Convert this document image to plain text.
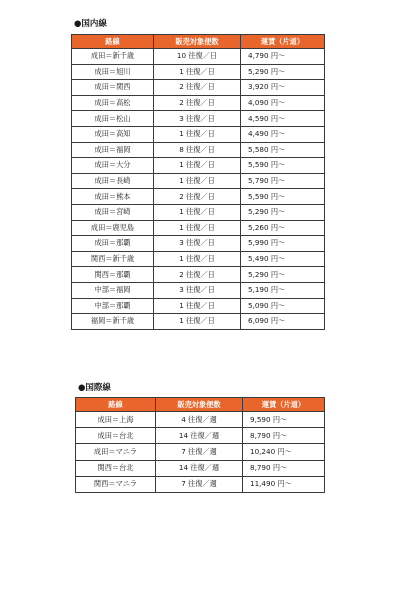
●国内線
路線	販売対象便数	運賃（片道）
成田＝新千歳	10 往復／日	4,790 円〜
成田＝旭川	1 往復／日	5,290 円〜
成田＝関西	2 往復／日	3,920 円〜
成田＝高松	2 往復／日	4,090 円〜
成田＝松山	3 往復／日	4,590 円〜
成田＝高知	1 往復／日	4,490 円〜
成田＝福岡	8 往復／日	5,580 円〜
成田＝大分	1 往復／日	5,590 円〜
成田＝長崎	1 往復／日	5,790 円〜
成田＝熊本	2 往復／日	5,590 円〜
成田＝宮崎	1 往復／日	5,290 円〜
成田＝鹿児島	1 往復／日	5,260 円〜
成田＝那覇	3 往復／日	5,990 円〜
関西＝新千歳	1 往復／日	5,490 円〜
関西＝那覇	2 往復／日	5,290 円〜
中部＝福岡	3 往復／日	5,190 円〜
中部＝那覇	1 往復／日	5,090 円〜
福岡＝新千歳	1 往復／日	6,090 円〜
●国際線
路線	販売対象便数	運賃（片道）
成田＝上海	4 往復／週	9,590 円〜
成田＝台北	14 往復／週	8,790 円〜
成田＝マニラ	7 往復／週	10,240 円〜
関西＝台北	14 往復／週	8,790 円〜
関西＝マニラ	7 往復／週	11,490 円〜
